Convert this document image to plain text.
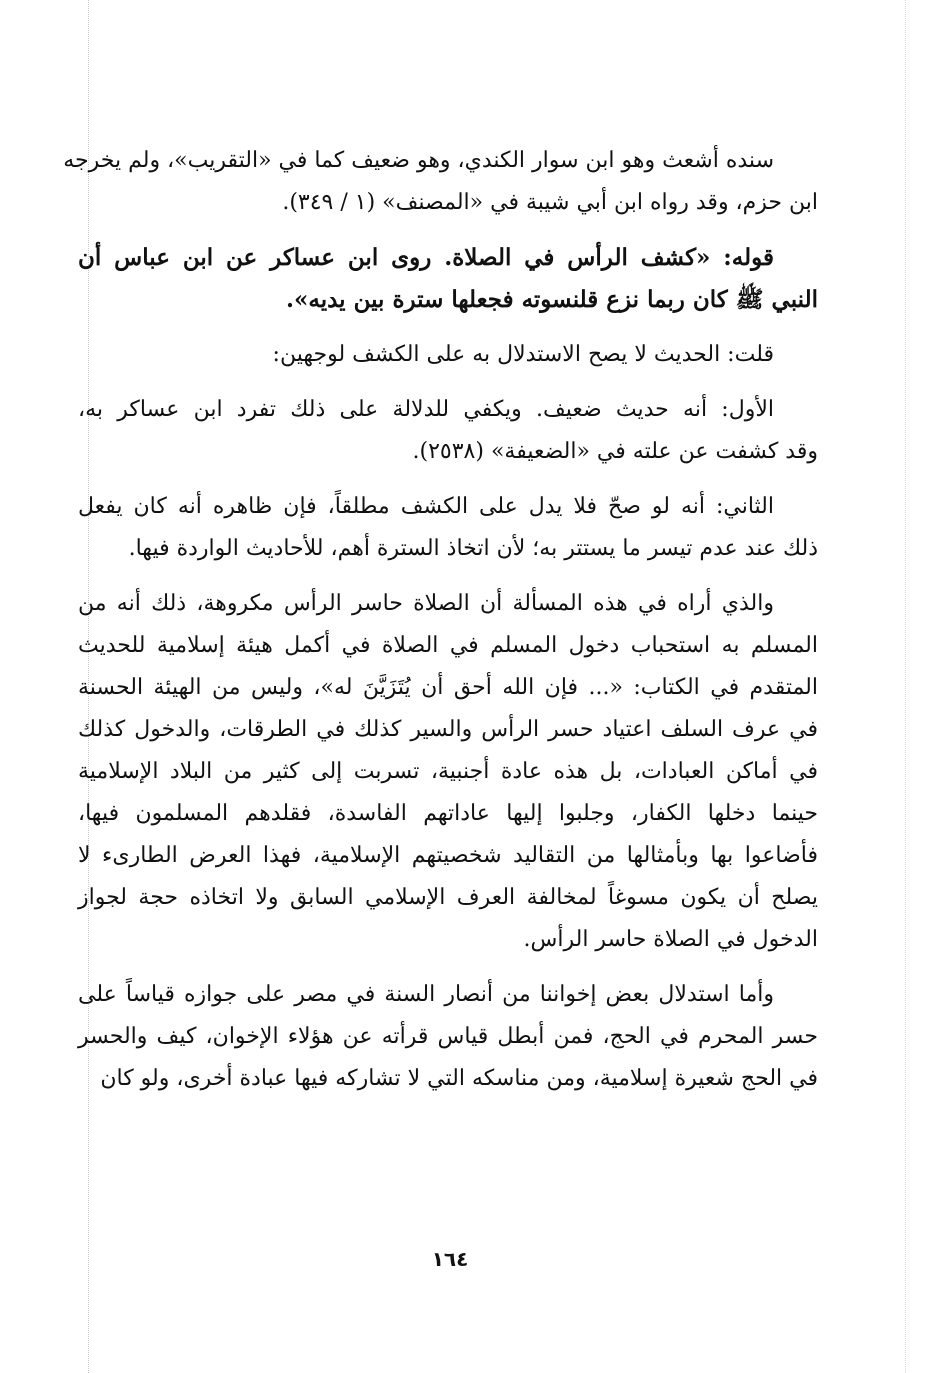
سنده أشعث وهو ابن سوار الكندي، وهو ضعيف كما في «التقريب»، ولم يخرجه
ابن حزم، وقد رواه ابن أبي شيبة في «المصنف» (١ / ٣٤٩).
قوله: «كشف الرأس في الصلاة. روى ابن عساكر عن ابن عباس أن
النبي ﷺ كان ربما نزع قلنسوته فجعلها سترة بين يديه».
قلت: الحديث لا يصح الاستدلال به على الكشف لوجهين:
الأول: أنه حديث ضعيف. ويكفي للدلالة على ذلك تفرد ابن عساكر به،
وقد كشفت عن علته في «الضعيفة» (٢٥٣٨).
الثاني: أنه لو صحّ فلا يدل على الكشف مطلقاً، فإن ظاهره أنه كان يفعل
ذلك عند عدم تيسر ما يستتر به؛ لأن اتخاذ السترة أهم، للأحاديث الواردة فيها.
والذي أراه في هذه المسألة أن الصلاة حاسر الرأس مكروهة، ذلك أنه من
المسلم به استحباب دخول المسلم في الصلاة في أكمل هيئة إسلامية للحديث
المتقدم في الكتاب: «... فإن الله أحق أن يُتَزَيَّنَ له»، وليس من الهيئة الحسنة
في عرف السلف اعتياد حسر الرأس والسير كذلك في الطرقات، والدخول كذلك
في أماكن العبادات، بل هذه عادة أجنبية، تسربت إلى كثير من البلاد الإسلامية
حينما دخلها الكفار، وجلبوا إليها عاداتهم الفاسدة، فقلدهم المسلمون فيها،
فأضاعوا بها وبأمثالها من التقاليد شخصيتهم الإسلامية، فهذا العرض الطارىء لا
يصلح أن يكون مسوغاً لمخالفة العرف الإسلامي السابق ولا اتخاذه حجة لجواز
الدخول في الصلاة حاسر الرأس.
وأما استدلال بعض إخواننا من أنصار السنة في مصر على جوازه قياساً على
حسر المحرم في الحج، فمن أبطل قياس قرأته عن هؤلاء الإخوان، كيف والحسر
في الحج شعيرة إسلامية، ومن مناسكه التي لا تشاركه فيها عبادة أخرى، ولو كان
١٦٤
